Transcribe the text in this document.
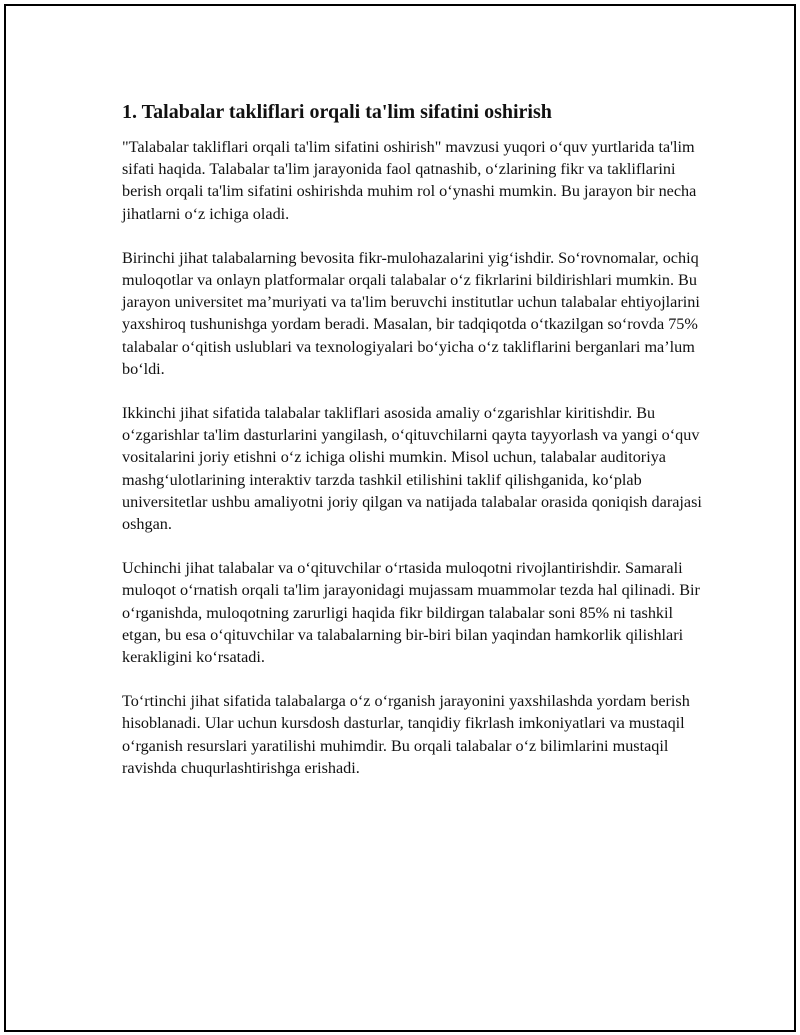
1. Talabalar takliflari orqali ta'lim sifatini oshirish

"Talabalar takliflari orqali ta'lim sifatini oshirish" mavzusi yuqori oʻquv yurtlarida ta'lim sifati haqida. Talabalar ta'lim jarayonida faol qatnashib, oʻzlarining fikr va takliflarini berish orqali ta'lim sifatini oshirishda muhim rol oʻynashi mumkin. Bu jarayon bir necha jihatlarni oʻz ichiga oladi.

Birinchi jihat talabalarning bevosita fikr-mulohazalarini yigʻishdir. Soʻrovnomalar, ochiq muloqotlar va onlayn platformalar orqali talabalar oʻz fikrlarini bildirishlari mumkin. Bu jarayon universitet maʼmuriyati va ta'lim beruvchi institutlar uchun talabalar ehtiyojlarini yaxshiroq tushunishga yordam beradi. Masalan, bir tadqiqotda oʻtkazilgan soʻrovda 75% talabalar oʻqitish uslublari va texnologiyalari boʻyicha oʻz takliflarini berganlari maʼlum boʻldi.

Ikkinchi jihat sifatida talabalar takliflari asosida amaliy oʻzgarishlar kiritishdir. Bu oʻzgarishlar ta'lim dasturlarini yangilash, oʻqituvchilarni qayta tayyorlash va yangi oʻquv vositalarini joriy etishni oʻz ichiga olishi mumkin. Misol uchun, talabalar auditoriya mashgʻulotlarining interaktiv tarzda tashkil etilishini taklif qilishganida, koʻplab universitetlar ushbu amaliyotni joriy qilgan va natijada talabalar orasida qoniqish darajasi oshgan.

Uchinchi jihat talabalar va oʻqituvchilar oʻrtasida muloqotni rivojlantirishdir. Samarali muloqot oʻrnatish orqali ta'lim jarayonidagi mujassam muammolar tezda hal qilinadi. Bir oʻrganishda, muloqotning zarurligi haqida fikr bildirgan talabalar soni 85% ni tashkil etgan, bu esa oʻqituvchilar va talabalarning bir-biri bilan yaqindan hamkorlik qilishlari kerakligini koʻrsatadi.

Toʻrtinchi jihat sifatida talabalarga oʻz oʻrganish jarayonini yaxshilashda yordam berish hisoblanadi. Ular uchun kursdosh dasturlar, tanqidiy fikrlash imkoniyatlari va mustaqil oʻrganish resurslari yaratilishi muhimdir. Bu orqali talabalar oʻz bilimlarini mustaqil ravishda chuqurlashtirishga erishadi.
